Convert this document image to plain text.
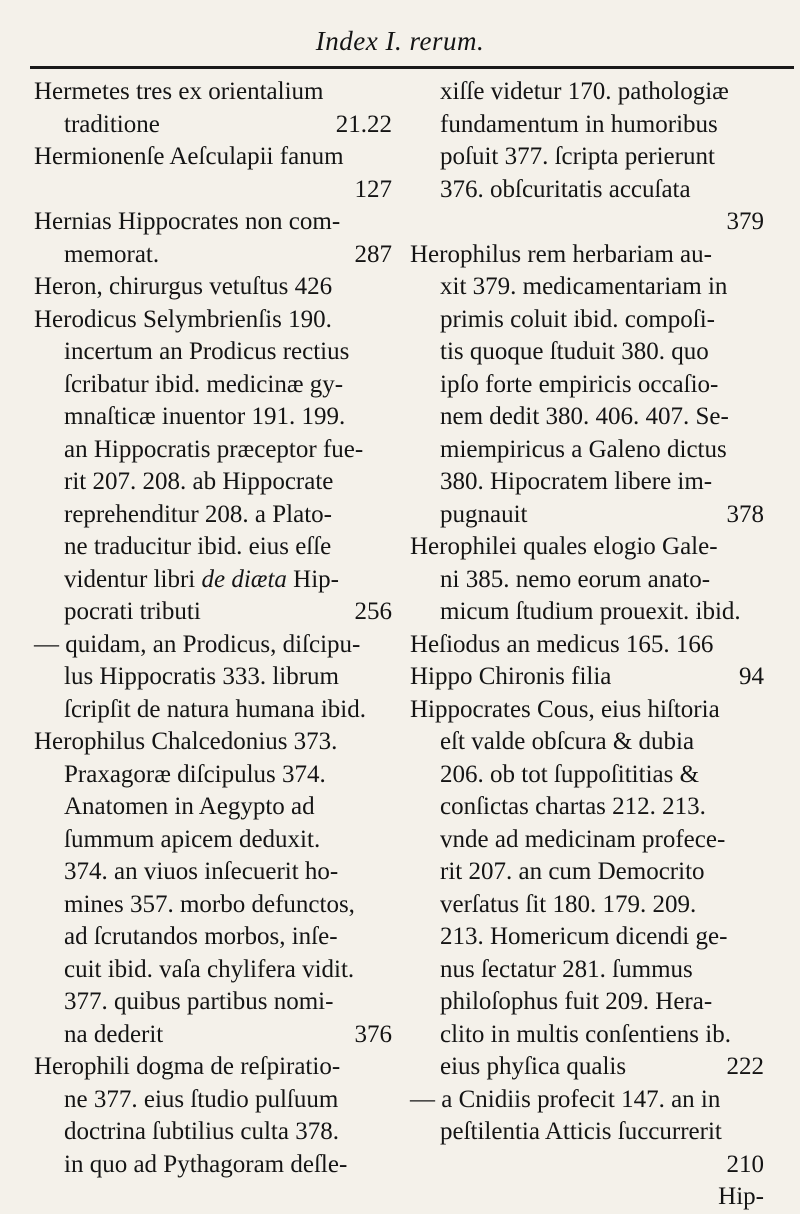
Index I. rerum.
Hermetes tres ex orientalium
traditione	21.22
Hermionenſe Aeſculapii fanum
127
Hernias Hippocrates non com-
memorat.	287
Heron, chirurgus vetuſtus 426
Herodicus Selymbrienſis 190.
incertum an Prodicus rectius
ſcribatur ibid. medicinæ gy-
mnaſticæ inuentor 191. 199.
an Hippocratis præceptor fue-
rit 207. 208. ab Hippocrate
reprehenditur 208. a Plato-
ne traducitur ibid. eius eſſe
videntur libri de diæta Hip-
pocrati tributi	256
— quidam, an Prodicus, diſcipu-
lus Hippocratis 333. librum
ſcripſit de natura humana ibid.
Herophilus Chalcedonius 373.
Praxagoræ diſcipulus 374.
Anatomen in Aegypto ad
ſummum apicem deduxit.
374. an viuos inſecuerit ho-
mines 357. morbo defunctos,
ad ſcrutandos morbos, inſe-
cuit ibid. vaſa chylifera vidit.
377. quibus partibus nomi-
na dederit	376
Herophili dogma de reſpiratio-
ne 377. eius ſtudio pulſuum
doctrina ſubtilius culta 378.
in quo ad Pythagoram deſle-
xiſſe videtur 170. pathologiæ
fundamentum in humoribus
poſuit 377. ſcripta perierunt
376. obſcuritatis accuſata
379
Herophilus rem herbariam au-
xit 379. medicamentariam in
primis coluit ibid. compoſi-
tis quoque ſtuduit 380. quo
ipſo forte empiricis occaſio-
nem dedit 380. 406. 407. Se-
miempiricus a Galeno dictus
380. Hipocratem libere im-
pugnauit	378
Herophilei quales elogio Gale-
ni 385. nemo eorum anato-
micum ſtudium prouexit. ibid.
Heſiodus an medicus 165. 166
Hippo Chironis filia	94
Hippocrates Cous, eius hiſtoria
eſt valde obſcura & dubia
206. ob tot ſuppoſititias &
conſictas chartas 212. 213.
vnde ad medicinam profece-
rit 207. an cum Democrito
verſatus ſit 180. 179. 209.
213. Homericum dicendi ge-
nus ſectatur 281. ſummus
philoſophus fuit 209. Hera-
clito in multis conſentiens ib.
eius phyſica qualis	222
— a Cnidiis profecit 147. an in
peſtilentia Atticis ſuccurrerit
210
Hip-
